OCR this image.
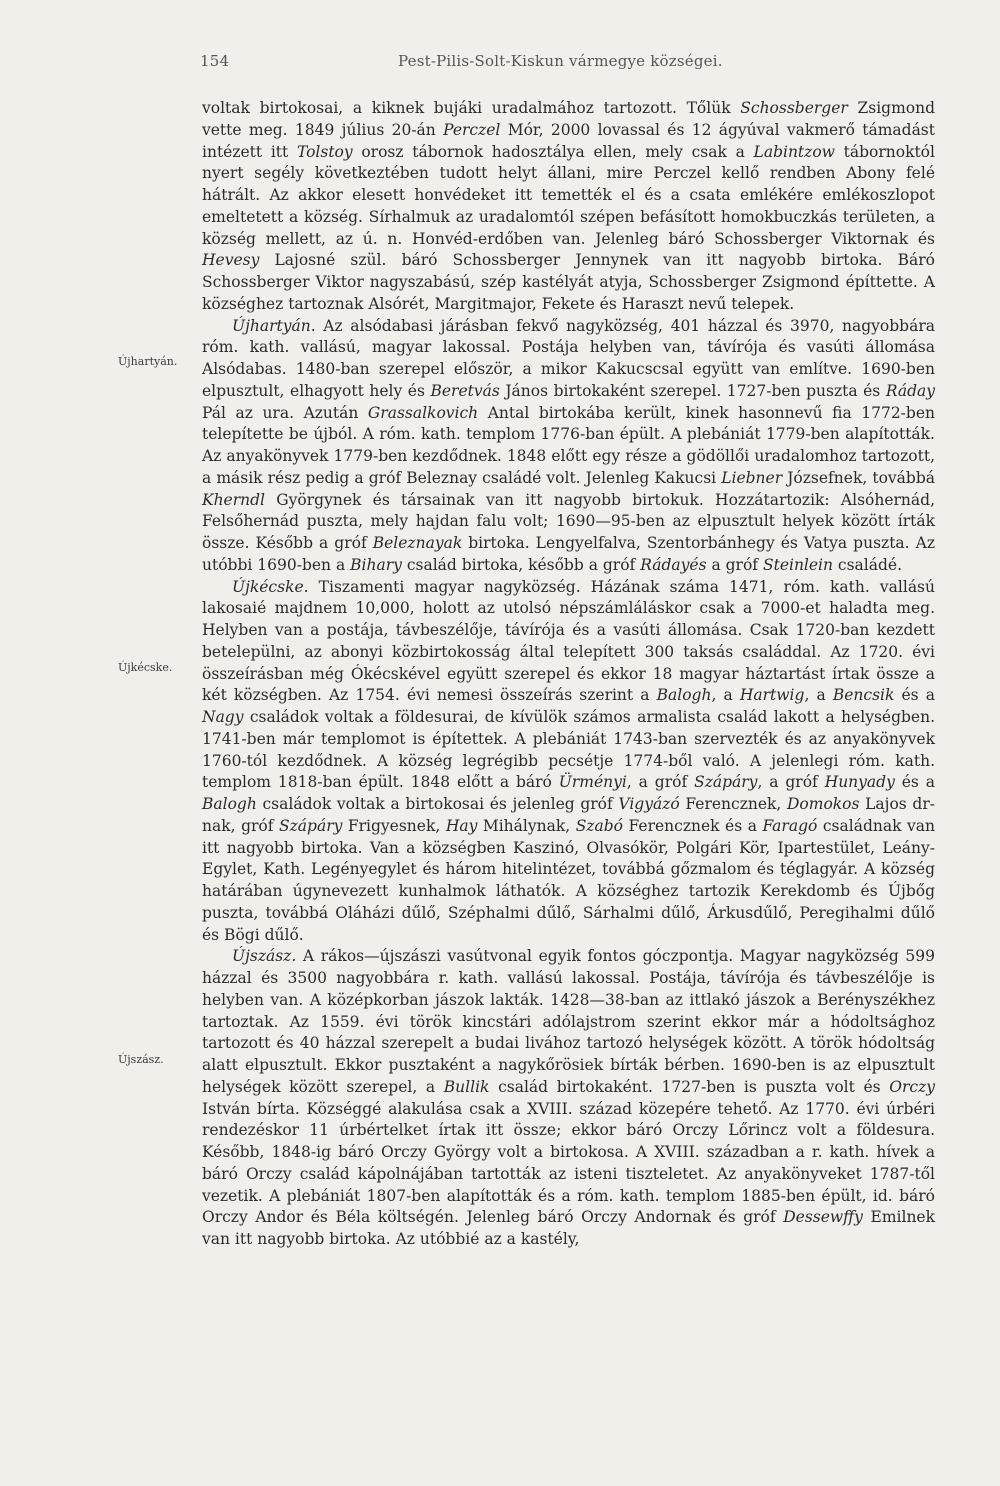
154	Pest-Pilis-Solt-Kiskun vármegye községei.
Újhartyán.
Újkécske.
Újszász.

voltak birtokosai, a kiknek bujáki uradalmához tartozott. Tőlük Schossberger Zsigmond vette meg. 1849 július 20-án Perczel Mór, 2000 lovassal és 12 ágyúval vakmerő támadást intézett itt Tolstoy orosz tábornok hadosztálya ellen, mely csak a Labintzow tábornoktól nyert segély következtében tudott helyt állani, mire Perczel kellő rendben Abony felé hátrált. Az akkor elesett honvédeket itt temették el és a csata emlékére emlékoszlopot emeltetett a község. Sírhalmuk az uradalomtól szépen befásított homokbuczkás területen, a község mellett, az ú. n. Honvéd-erdőben van. Jelenleg báró Schossberger Viktornak és Hevesy Lajosné szül. báró Schossberger Jennynek van itt nagyobb birtoka. Báró Schossberger Viktor nagyszabású, szép kastélyát atyja, Schossberger Zsigmond építtette. A községhez tartoznak Alsórét, Margitmajor, Fekete és Haraszt nevű telepek.

Újhartyán. Az alsódabasi járásban fekvő nagyközség, 401 házzal és 3970, nagyobbára róm. kath. vallású, magyar lakossal. Postája helyben van, távírója és vasúti állomása Alsódabas. 1480-ban szerepel először, a mikor Kakucscsal együtt van említve. 1690-ben elpusztult, elhagyott hely és Beretvás János birtokaként szerepel. 1727-ben puszta és Ráday Pál az ura. Azután Grassalkovich Antal birtokába került, kinek hasonnevű fia 1772-ben telepítette be újból. A róm. kath. templom 1776-ban épült. A plebániát 1779-ben alapították. Az anyakönyvek 1779-ben kezdődnek. 1848 előtt egy része a gödöllői uradalomhoz tartozott, a másik rész pedig a gróf Beleznay családé volt. Jelenleg Kakucsi Liebner Józsefnek, továbbá Kherndl Györgynek és társainak van itt nagyobb birtokuk. Hozzátartozik: Alsóhernád, Felsőhernád puszta, mely hajdan falu volt; 1690—95-ben az elpusztult helyek között írták össze. Később a gróf Beleznayak birtoka. Lengyelfalva, Szentorbánhegy és Vatya puszta. Az utóbbi 1690-ben a Bihary család birtoka, később a gróf Rádayés a gróf Steinlein családé.

Újkécske. Tiszamenti magyar nagyközség. Házának száma 1471, róm. kath. vallású lakosaié majdnem 10,000, holott az utolsó népszámláláskor csak a 7000-et haladta meg. Helyben van a postája, távbeszélője, távírója és a vasúti állomása. Csak 1720-ban kezdett betelepülni, az abonyi közbirtokosság által telepített 300 taksás családdal. Az 1720. évi összeírásban még Ókécskével együtt szerepel és ekkor 18 magyar háztartást írtak össze a két községben. Az 1754. évi nemesi összeírás szerint a Balogh, a Hartwig, a Bencsik és a Nagy családok voltak a földesurai, de kívülök számos armalista család lakott a helységben. 1741-ben már templomot is építettek. A plebániát 1743-ban szervezték és az anyakönyvek 1760-tól kezdődnek. A község legrégibb pecsétje 1774-ből való. A jelenlegi róm. kath. templom 1818-ban épült. 1848 előtt a báró Ürményi, a gróf Szápáry, a gróf Hunyady és a Balogh családok voltak a birtokosai és jelenleg gróf Vigyázó Ferencznek, Domokos Lajos dr-nak, gróf Szápáry Frigyesnek, Hay Mihálynak, Szabó Ferencznek és a Faragó családnak van itt nagyobb birtoka. Van a községben Kaszinó, Olvasókör, Polgári Kör, Ipartestület, Leány-Egylet, Kath. Legényegylet és három hitelintézet, továbbá gőzmalom és téglagyár. A község határában úgynevezett kunhalmok láthatók. A községhez tartozik Kerekdomb és Újbőg puszta, továbbá Oláházi dűlő, Széphalmi dűlő, Sárhalmi dűlő, Árkusdűlő, Peregihalmi dűlő és Bögi dűlő.

Újszász. A rákos—újszászi vasútvonal egyik fontos góczpontja. Magyar nagyközség 599 házzal és 3500 nagyobbára r. kath. vallású lakossal. Postája, távírója és távbeszélője is helyben van. A középkorban jászok lakták. 1428—38-ban az ittlakó jászok a Berényszékhez tartoztak. Az 1559. évi török kincstári adólajstrom szerint ekkor már a hódoltsághoz tartozott és 40 házzal szerepelt a budai livához tartozó helységek között. A török hódoltság alatt elpusztult. Ekkor pusztaként a nagykőrösiek bírták bérben. 1690-ben is az elpusztult helységek között szerepel, a Bullik család birtokaként. 1727-ben is puszta volt és Orczy István bírta. Községgé alakulása csak a XVIII. század közepére tehető. Az 1770. évi úrbéri rendezéskor 11 úrbértelket írtak itt össze; ekkor báró Orczy Lőrincz volt a földesura. Később, 1848-ig báró Orczy György volt a birtokosa. A XVIII. században a r. kath. hívek a báró Orczy család kápolnájában tartották az isteni tiszteletet. Az anyakönyveket 1787-től vezetik. A plebániát 1807-ben alapították és a róm. kath. templom 1885-ben épült, id. báró Orczy Andor és Béla költségén. Jelenleg báró Orczy Andornak és gróf Dessewffy Emilnek van itt nagyobb birtoka. Az utóbbié az a kastély,
